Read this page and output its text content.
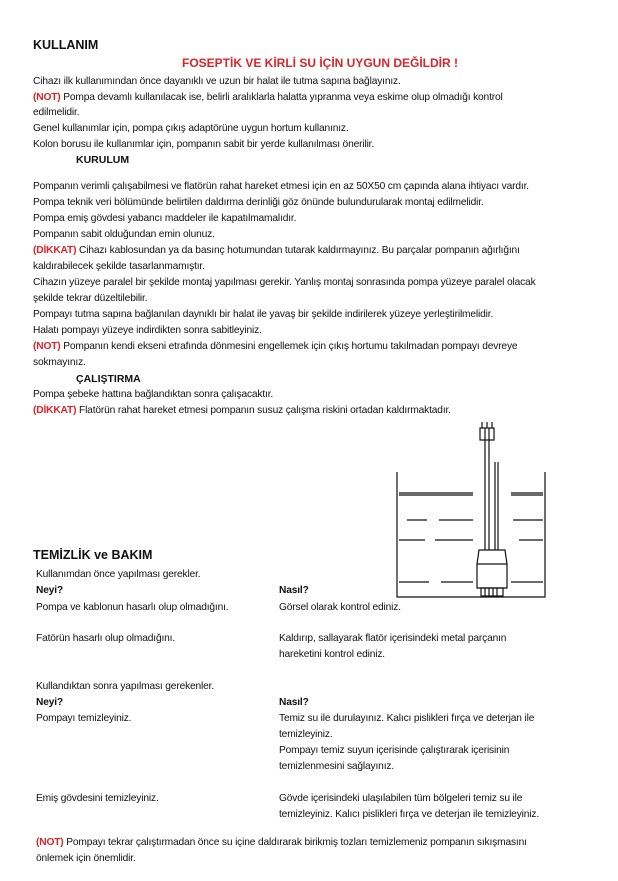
KULLANIM
FOSEPTİK VE KİRLİ SU İÇİN UYGUN DEĞİLDİR !
Cihazı ilk kullanımından önce dayanıklı ve uzun bir halat ile tutma sapına bağlayınız.
(NOT) Pompa devamlı kullanılacak ise, belirli aralıklarla halatta yıpranma veya eskime olup olmadığı kontrol
edilmelidir.
Genel kullanımlar için, pompa çıkış adaptörüne uygun hortum kullanınız.
Kolon borusu ile kullanımlar için, pompanın sabit bir yerde kullanılması önerilir.
KURULUM
Pompanın verimli çalışabilmesi ve flatörün rahat hareket etmesi için en az 50X50 cm çapında alana ihtiyacı vardır.
Pompa teknik veri bölümünde belirtilen daldırma derinliği göz önünde bulundurularak montaj edilmelidir.
Pompa emiş gövdesi yabancı maddeler ile kapatılmamalıdır.
Pompanın sabit olduğundan emin olunuz.
(DİKKAT) Cihazı kablosundan ya da basınç hotumundan tutarak kaldırmayınız. Bu parçalar pompanın ağırlığını
kaldırabilecek şekilde tasarlanmamıştır.
Cihazın yüzeye paralel bir şekilde montaj yapılması gerekir. Yanlış montaj sonrasında pompa yüzeye paralel olacak
şekilde tekrar düzeltilebilir.
Pompayı tutma sapına bağlanılan daynıklı bir halat ile yavaş bir şekilde indirilerek yüzeye yerleştirilmelidir.
Halatı pompayı yüzeye indirdikten sonra sabitleyiniz.
(NOT) Pompanın kendi ekseni etrafında dönmesini engellemek için çıkış hortumu takılmadan pompayı devreye
sokmayınız.
ÇALIŞTIRMA
Pompa şebeke hattına bağlandıktan sonra çalışacaktır.
(DİKKAT) Flatörün rahat hareket etmesi pompanın susuz çalışma riskini ortadan kaldırmaktadır.
TEMİZLİK ve BAKIM
Kullanımdan önce yapılması gerekler.
Neyi?	Nasıl?
Pompa ve kablonun hasarlı olup olmadığını.	Görsel olarak kontrol ediniz.
Fatörün hasarlı olup olmadığını.	Kaldırıp, sallayarak flatör içerisindeki metal parçanın
hareketini kontrol ediniz.
Kullandıktan sonra yapılması gerekenler.
Neyi?	Nasıl?
Pompayı temizleyiniz.	Temiz su ile durulayınız. Kalıcı pislikleri fırça ve deterjan ile
temizleyiniz.
Pompayı temiz suyun içerisinde çalıştırarak içerisinin
temizlenmesini sağlayınız.
Emiş gövdesini temizleyiniz.	Gövde içerisindeki ulaşılabilen tüm bölgeleri temiz su ile
temizleyiniz. Kalıcı pislikleri fırça ve deterjan ile temizleyiniz.
(NOT) Pompayı tekrar çalıştırmadan önce su içine daldırarak birikmiş tozları temizlemeniz pompanın sıkışmasını
önlemek için önemlidir.
